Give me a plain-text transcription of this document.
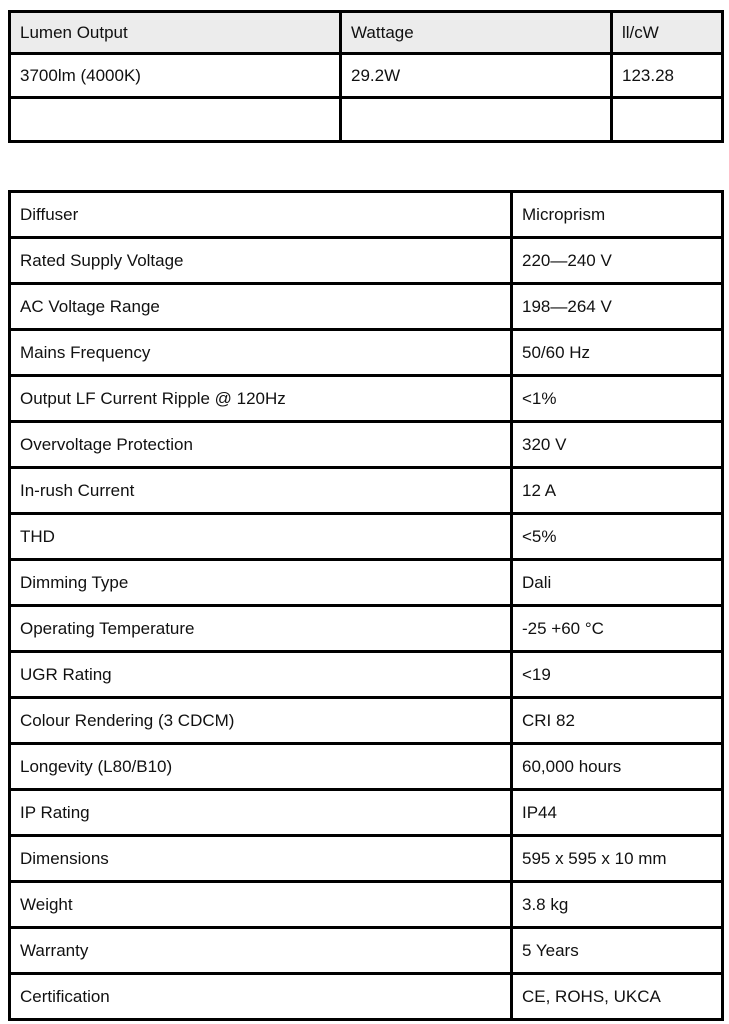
Lumen Output	Wattage	ll/cW
3700lm (4000K)	29.2W	123.28

Diffuser	Microprism
Rated Supply Voltage	220—240 V
AC Voltage Range	198—264 V
Mains Frequency	50/60 Hz
Output LF Current Ripple @ 120Hz	<1%
Overvoltage Protection	320 V
In-rush Current	12 A
THD	<5%
Dimming Type	Dali
Operating Temperature	-25 +60 °C
UGR Rating	<19
Colour Rendering (3 CDCM)	CRI 82
Longevity (L80/B10)	60,000 hours
IP Rating	IP44
Dimensions	595 x 595 x 10 mm
Weight	3.8 kg
Warranty	5 Years
Certification	CE, ROHS, UKCA
